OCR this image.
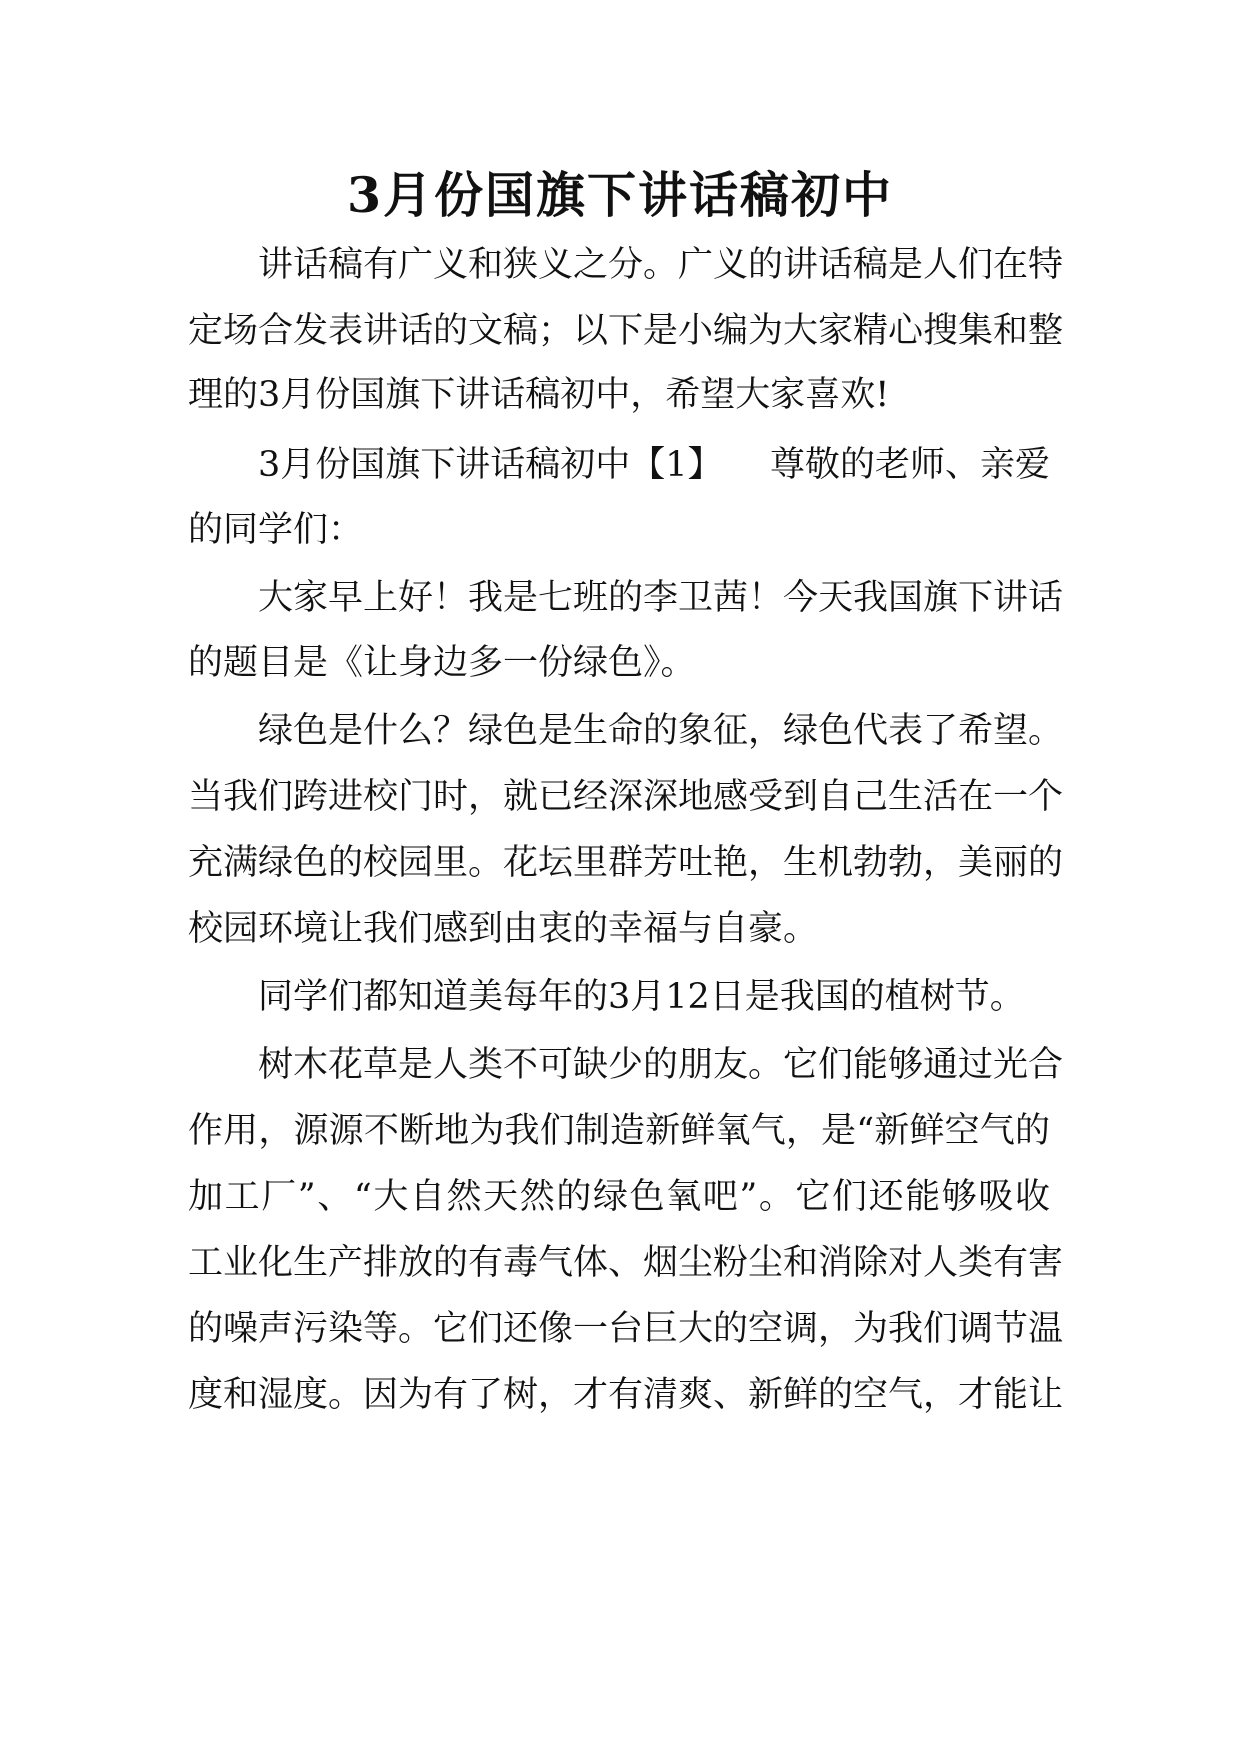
3月份国旗下讲话稿初中
讲话稿有广义和狭义之分。广义的讲话稿是人们在特
定场合发表讲话的文稿；以下是小编为大家精心搜集和整
理的3月份国旗下讲话稿初中，希望大家喜欢!
3月份国旗下讲话稿初中【1】 尊敬的老师、亲爱
的同学们：
大家早上好！我是七班的李卫茜！今天我国旗下讲话
的题目是《让身边多一份绿色》。
绿色是什么？绿色是生命的象征，绿色代表了希望。
当我们跨进校门时，就已经深深地感受到自己生活在一个
充满绿色的校园里。花坛里群芳吐艳，生机勃勃，美丽的
校园环境让我们感到由衷的幸福与自豪。
同学们都知道美每年的3月12日是我国的植树节。
树木花草是人类不可缺少的朋友。它们能够通过光合
作用，源源不断地为我们制造新鲜氧气，是“新鲜空气的
加工厂”、“大自然天然的绿色氧吧”。它们还能够吸收
工业化生产排放的有毒气体、烟尘粉尘和消除对人类有害
的噪声污染等。它们还像一台巨大的空调，为我们调节温
度和湿度。因为有了树，才有清爽、新鲜的空气，才能让
